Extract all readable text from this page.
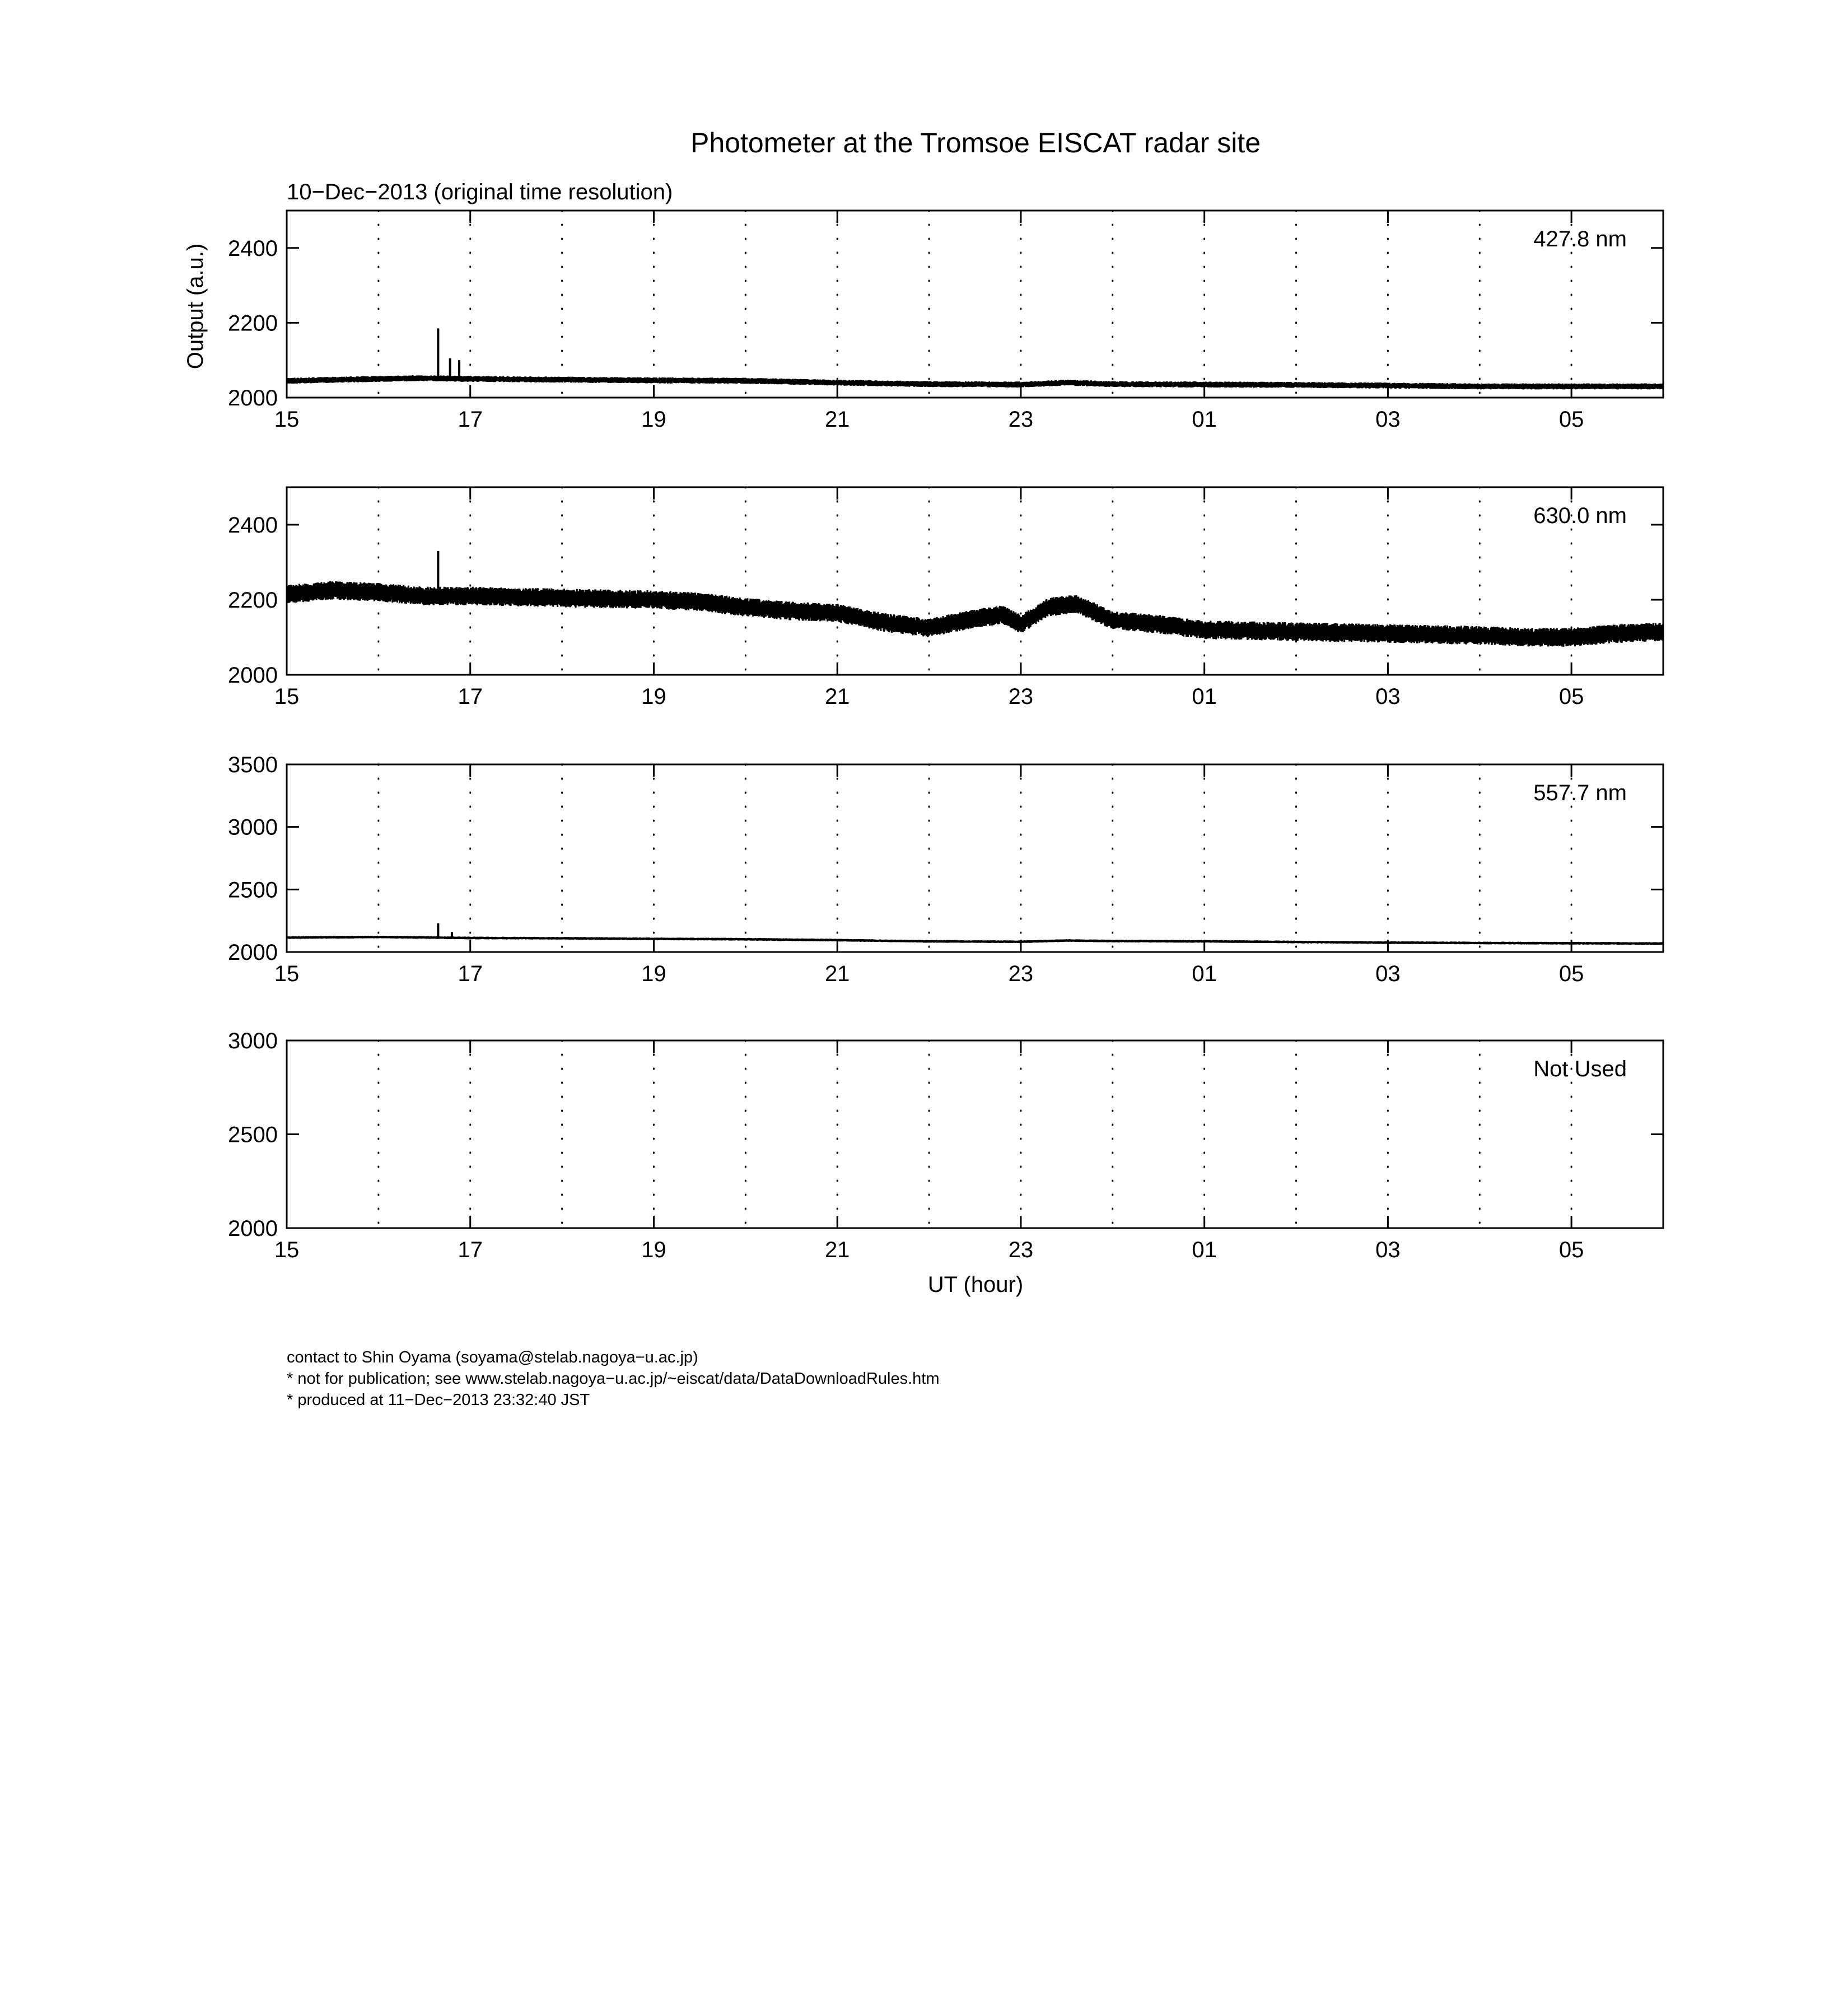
Photometer at the Tromsoe EISCAT radar site
10−Dec−2013 (original time resolution)
Output (a.u.)
UT (hour)
15	17	19	21	23	01	03	05
2000
2200
2400	427.8 nm
15	17	19	21	23	01	03	05
2000
2200
2400	630.0 nm
15	17	19	21	23	01	03	05
2000
2500
3000
3500
557.7 nm
15	17	19	21	23	01	03	05
2000
2500
3000
Not Used
contact to Shin Oyama (soyama@stelab.nagoya−u.ac.jp)
* not for publication; see www.stelab.nagoya−u.ac.jp/~eiscat/data/DataDownloadRules.htm
* produced at 11−Dec−2013 23:32:40 JST
